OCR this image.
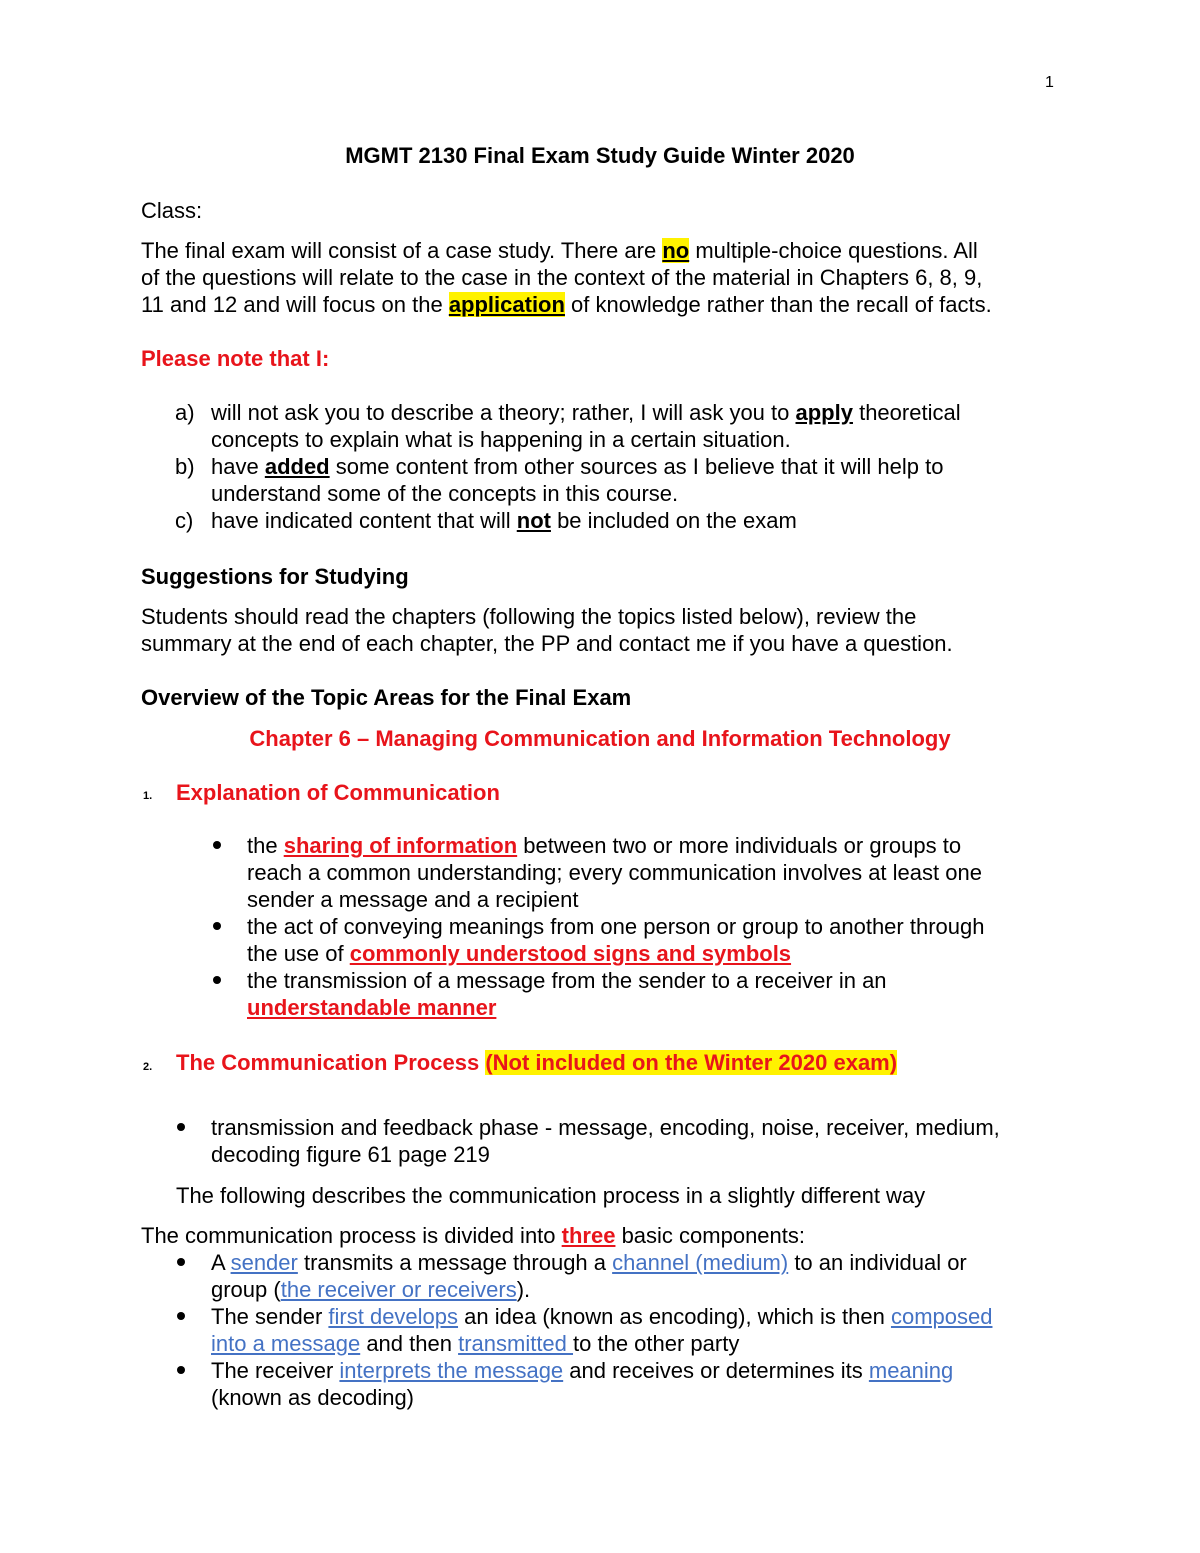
1
MGMT 2130 Final Exam Study Guide Winter 2020
Class:
The final exam will consist of a case study. There are no multiple-choice questions. All
of the questions will relate to the case in the context of the material in Chapters 6, 8, 9,
11 and 12 and will focus on the application of knowledge rather than the recall of facts.
Please note that I:
a) will not ask you to describe a theory; rather, I will ask you to apply theoretical
concepts to explain what is happening in a certain situation.
b) have added some content from other sources as I believe that it will help to
understand some of the concepts in this course.
c) have indicated content that will not be included on the exam
Suggestions for Studying
Students should read the chapters (following the topics listed below), review the
summary at the end of each chapter, the PP and contact me if you have a question.
Overview of the Topic Areas for the Final Exam
Chapter 6 – Managing Communication and Information Technology
1. Explanation of Communication
the sharing of information between two or more individuals or groups to
reach a common understanding; every communication involves at least one
sender a message and a recipient
the act of conveying meanings from one person or group to another through
the use of commonly understood signs and symbols
the transmission of a message from the sender to a receiver in an
understandable manner
2. The Communication Process (Not included on the Winter 2020 exam)
transmission and feedback phase - message, encoding, noise, receiver, medium,
decoding figure 61 page 219
The following describes the communication process in a slightly different way
The communication process is divided into three basic components:
A sender transmits a message through a channel (medium) to an individual or
group (the receiver or receivers).
The sender first develops an idea (known as encoding), which is then composed
into a message and then transmitted to the other party
The receiver interprets the message and receives or determines its meaning
(known as decoding)
